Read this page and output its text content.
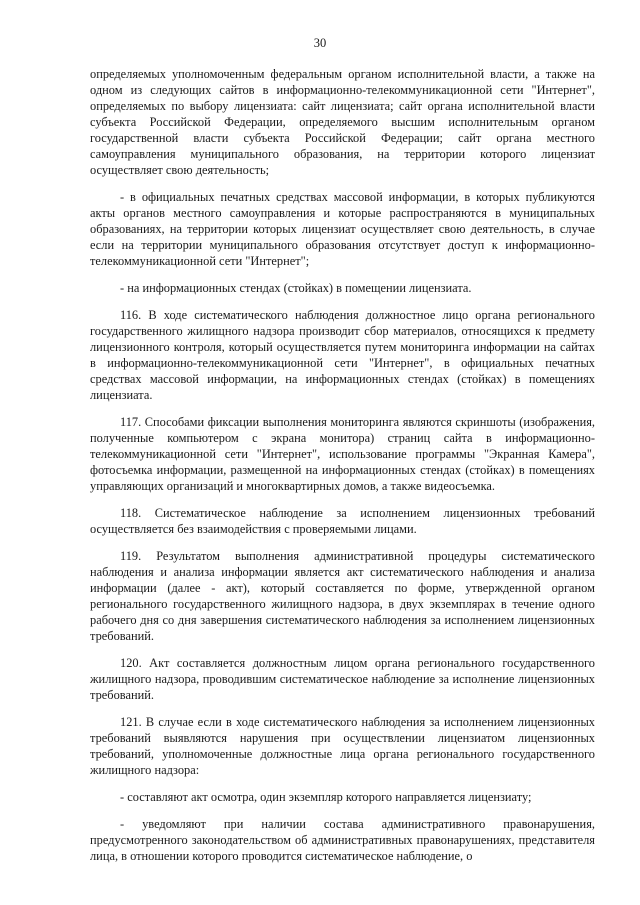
30

определяемых уполномоченным федеральным органом исполнительной власти, а также на одном из следующих сайтов в информационно-телекоммуникационной сети "Интернет", определяемых по выбору лицензиата: сайт лицензиата; сайт органа исполнительной власти субъекта Российской Федерации, определяемого высшим исполнительным органом государственной власти субъекта Российской Федерации; сайт органа местного самоуправления муниципального образования, на территории которого лицензиат осуществляет свою деятельность;

- в официальных печатных средствах массовой информации, в которых публикуются акты органов местного самоуправления и которые распространяются в муниципальных образованиях, на территории которых лицензиат осуществляет свою деятельность, в случае если на территории муниципального образования отсутствует доступ к информационно-телекоммуникационной сети "Интернет";

- на информационных стендах (стойках) в помещении лицензиата.

116. В ходе систематического наблюдения должностное лицо органа регионального государственного жилищного надзора производит сбор материалов, относящихся к предмету лицензионного контроля, который осуществляется путем мониторинга информации на сайтах в информационно-телекоммуникационной сети "Интернет", в официальных печатных средствах массовой информации, на информационных стендах (стойках) в помещениях лицензиата.

117. Способами фиксации выполнения мониторинга являются скриншоты (изображения, полученные компьютером с экрана монитора) страниц сайта в информационно-телекоммуникационной сети "Интернет", использование программы "Экранная Камера", фотосъемка информации, размещенной на информационных стендах (стойках) в помещениях управляющих организаций и многоквартирных домов, а также видеосъемка.

118. Систематическое наблюдение за исполнением лицензионных требований осуществляется без взаимодействия с проверяемыми лицами.

119. Результатом выполнения административной процедуры систематического наблюдения и анализа информации является акт систематического наблюдения и анализа информации (далее - акт), который составляется по форме, утвержденной органом регионального государственного жилищного надзора, в двух экземплярах в течение одного рабочего дня со дня завершения систематического наблюдения за исполнением лицензионных требований.

120. Акт составляется должностным лицом органа регионального государственного жилищного надзора, проводившим систематическое наблюдение за исполнение лицензионных требований.

121. В случае если в ходе систематического наблюдения за исполнением лицензионных требований выявляются нарушения при осуществлении лицензиатом лицензионных требований, уполномоченные должностные лица органа регионального государственного жилищного надзора:

- составляют акт осмотра, один экземпляр которого направляется лицензиату;

- уведомляют при наличии состава административного правонарушения, предусмотренного законодательством об административных правонарушениях, представителя лица, в отношении которого проводится систематическое наблюдение, о
